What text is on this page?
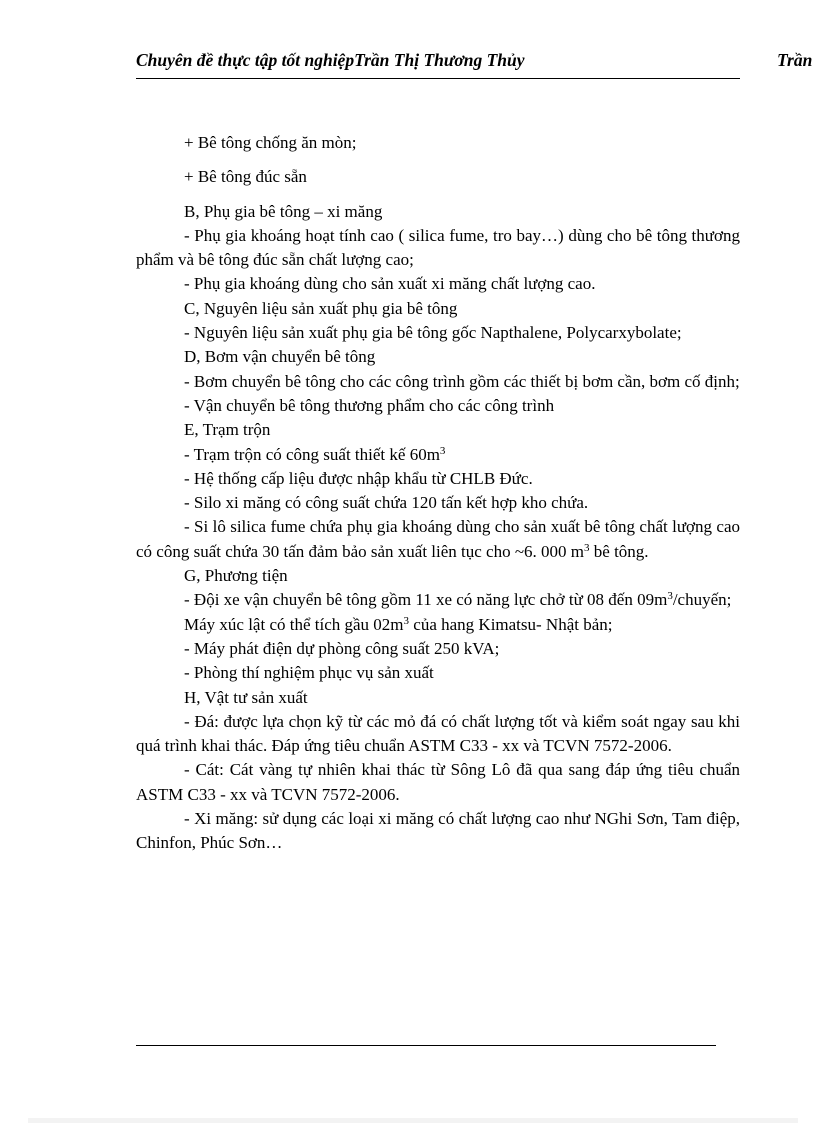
Chuyên đề thực tập tốt nghiệpTrần Thị Thương Thủy	Trần

+ Bê tông chống ăn mòn;

+ Bê tông đúc sẵn

B, Phụ gia bê tông – xi măng

- Phụ gia khoáng hoạt tính cao ( silica fume, tro bay…) dùng cho bê tông thương phẩm và bê tông đúc sẵn chất lượng cao;

- Phụ gia khoáng dùng cho sản xuất xi măng chất lượng cao.

C, Nguyên liệu sản xuất phụ gia bê tông

- Nguyên liệu sản xuất phụ gia bê tông gốc Napthalene, Polycarxybolate;

D, Bơm vận chuyển bê tông

- Bơm chuyển bê tông cho các công trình gồm các thiết bị bơm cần, bơm cố định;

- Vận chuyển bê tông thương phẩm cho các công trình

E, Trạm trộn

- Trạm trộn có công suất thiết kế $60m^3$

- Hệ thống cấp liệu được nhập khẩu từ CHLB Đức.

- Silo xi măng có công suất chứa 120 tấn kết hợp kho chứa.

- Si lô silica fume chứa phụ gia khoáng dùng cho sản xuất bê tông chất lượng cao có công suất chứa 30 tấn đảm bảo sản xuất liên tục cho ~6. 000 $m^3$ bê tông.

G, Phương tiện

- Đội xe vận chuyển bê tông gồm 11 xe có năng lực chở từ 08 đến $09m^3$/chuyến;

Máy xúc lật có thể tích gầu $02m^3$ của hang Kimatsu- Nhật bản;

- Máy phát điện dự phòng công suất 250 kVA;

- Phòng thí nghiệm phục vụ sản xuất

H, Vật tư sản xuất

- Đá: được lựa chọn kỹ từ các mỏ đá có chất lượng tốt và kiểm soát ngay sau khi quá trình khai thác. Đáp ứng tiêu chuẩn ASTM C33 - xx và TCVN 7572-2006.

- Cát: Cát vàng tự nhiên khai thác từ Sông Lô đã qua sang đáp ứng tiêu chuẩn ASTM C33 - xx và TCVN 7572-2006.

- Xi măng: sử dụng các loại xi măng có chất lượng cao như NGhi Sơn, Tam điệp, Chinfon, Phúc Sơn…
